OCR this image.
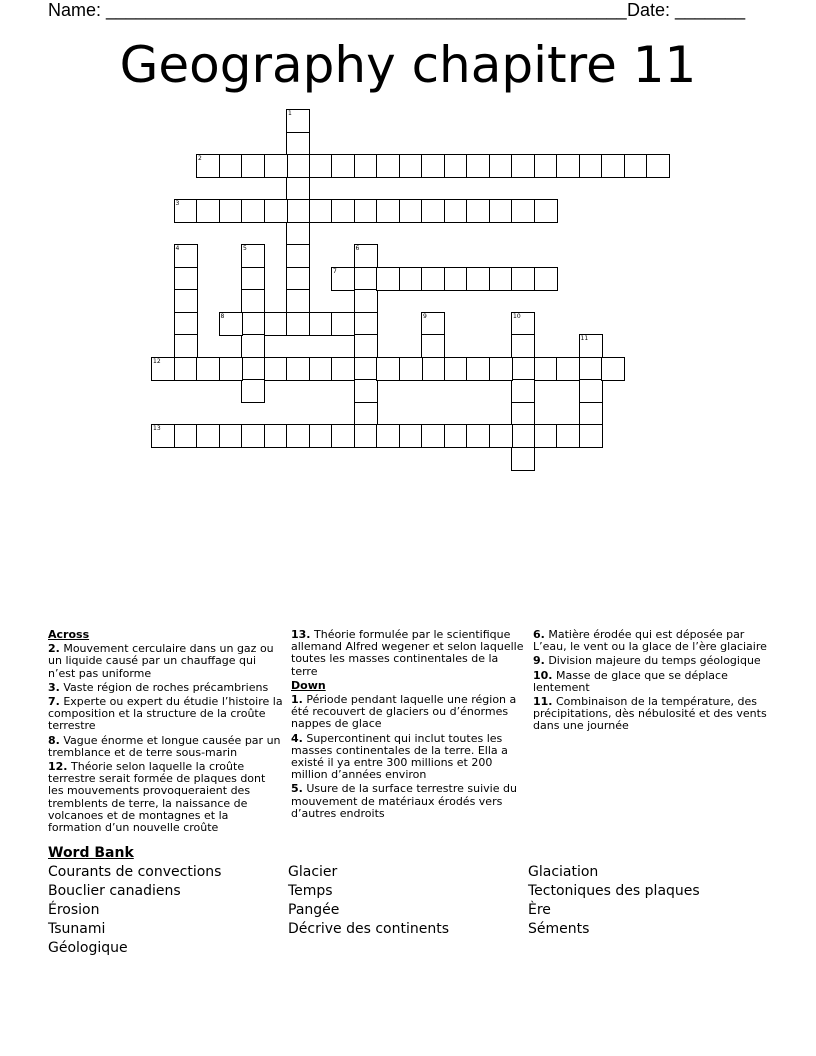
Name: ____________________________________________________ Date: _______
Geography chapitre 11
1
2
3
4	5	6
7
8	9	10
11
12
13
Across
2. Mouvement cerculaire dans un gaz ou un liquide causé par un chauffage qui n’est pas uniforme
3. Vaste région de roches précambriens
7. Experte ou expert du étudie l’histoire la composition et la structure de la croûte terrestre
8. Vague énorme et longue causée par un tremblance et de terre sous-marin
12. Théorie selon laquelle la croûte terrestre serait formée de plaques dont les mouvements provoqueraient des tremblents de terre, la naissance de volcanoes et de montagnes et la formation d’un nouvelle croûte
13. Théorie formulée par le scientifique allemand Alfred wegener et selon laquelle toutes les masses continentales de la terre
Down
1. Période pendant laquelle une région a été recouvert de glaciers ou d’énormes nappes de glace
4. Supercontinent qui inclut toutes les masses continentales de la terre. Ella a existé il ya entre 300 millions et 200 million d’années environ
5. Usure de la surface terrestre suivie du mouvement de matériaux érodés vers d’autres endroits
6. Matière érodée qui est déposée par L’eau, le vent ou la glace de l’ère glaciaire
9. Division majeure du temps géologique
10. Masse de glace que se déplace lentement
11. Combinaison de la température, des précipitations, dès nébulosité et des vents dans une journée
Word Bank
Courants de convections
Bouclier canadiens
Érosion
Tsunami
Géologique
Glacier
Temps
Pangée
Décrive des continents
Glaciation
Tectoniques des plaques
Ère
Séments
